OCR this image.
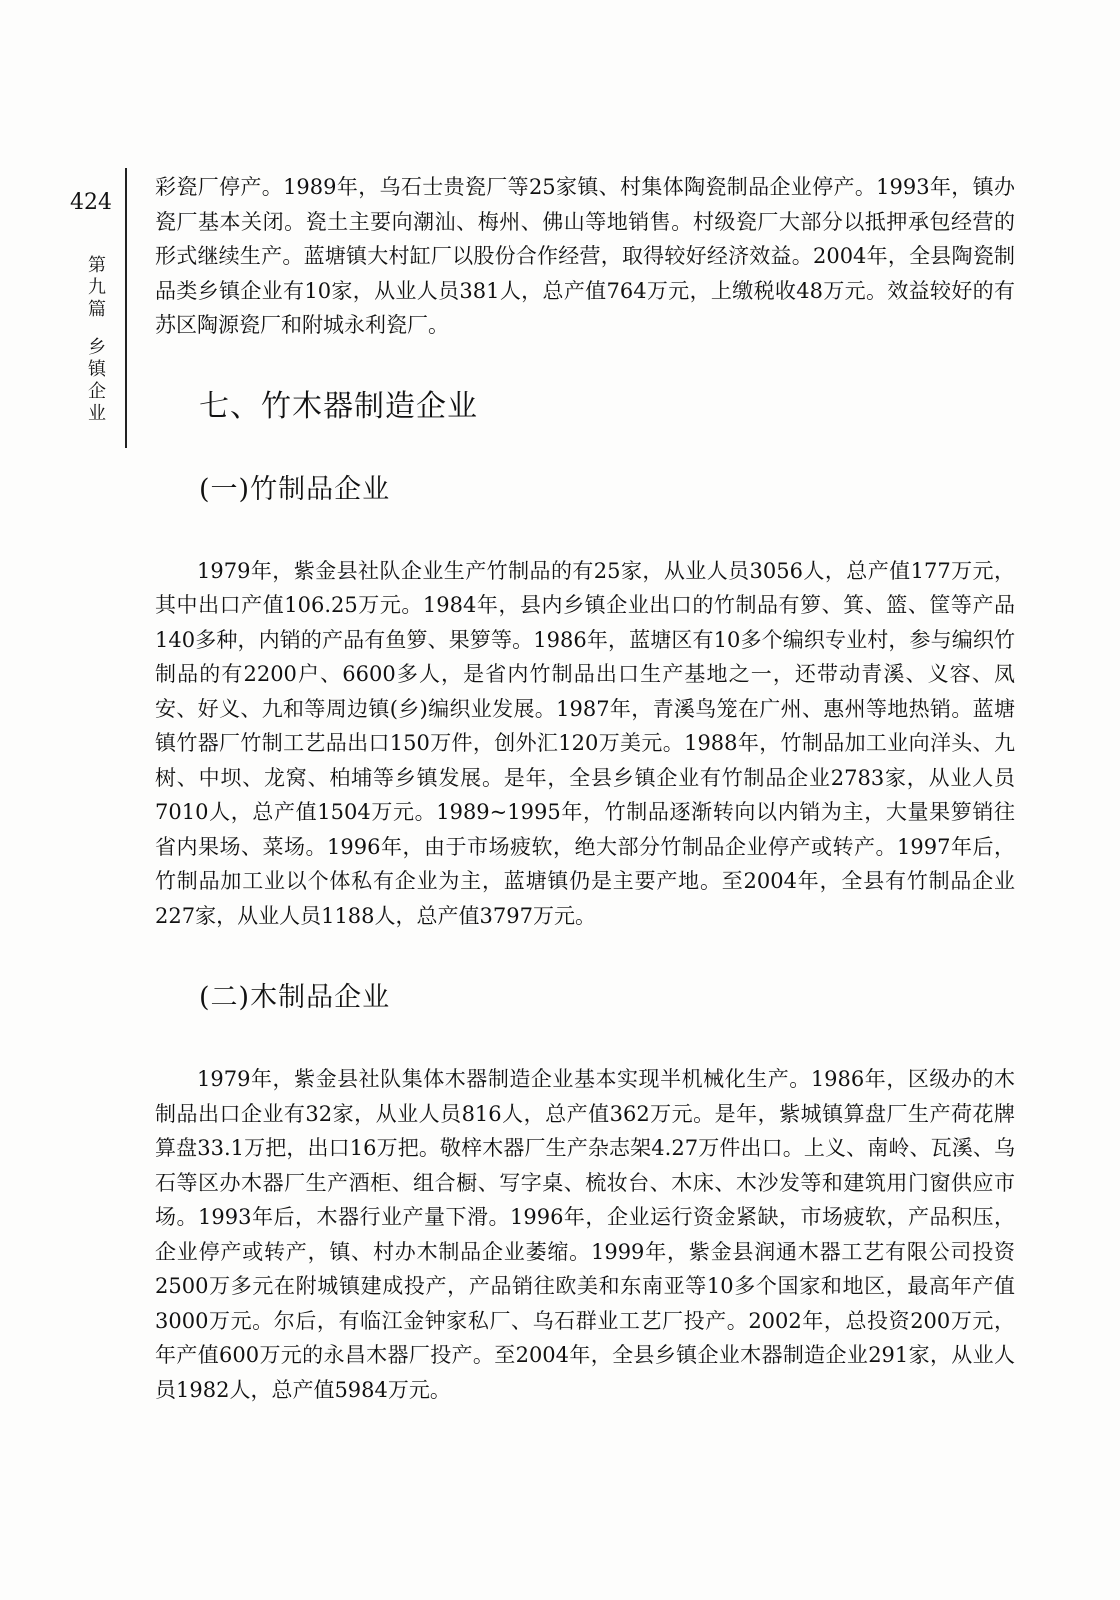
424
第九篇
乡镇企业

彩瓷厂停产。1989年，乌石士贵瓷厂等25家镇、村集体陶瓷制品企业停产。1993年，镇办瓷厂基本关闭。瓷土主要向潮汕、梅州、佛山等地销售。村级瓷厂大部分以抵押承包经营的形式继续生产。蓝塘镇大村缸厂以股份合作经营，取得较好经济效益。2004年，全县陶瓷制品类乡镇企业有10家，从业人员381人，总产值764万元，上缴税收48万元。效益较好的有苏区陶源瓷厂和附城永利瓷厂。

七、竹木器制造企业
(一)竹制品企业

1979年，紫金县社队企业生产竹制品的有25家，从业人员3056人，总产值177万元，其中出口产值106.25万元。1984年，县内乡镇企业出口的竹制品有箩、箕、篮、筐等产品140多种，内销的产品有鱼箩、果箩等。1986年，蓝塘区有10多个编织专业村，参与编织竹制品的有2200户、6600多人，是省内竹制品出口生产基地之一，还带动青溪、义容、凤安、好义、九和等周边镇(乡)编织业发展。1987年，青溪鸟笼在广州、惠州等地热销。蓝塘镇竹器厂竹制工艺品出口150万件，创外汇120万美元。1988年，竹制品加工业向洋头、九树、中坝、龙窝、柏埔等乡镇发展。是年，全县乡镇企业有竹制品企业2783家，从业人员7010人，总产值1504万元。1989~1995年，竹制品逐渐转向以内销为主，大量果箩销往省内果场、菜场。1996年，由于市场疲软，绝大部分竹制品企业停产或转产。1997年后，竹制品加工业以个体私有企业为主，蓝塘镇仍是主要产地。至2004年，全县有竹制品企业227家，从业人员1188人，总产值3797万元。

(二)木制品企业

1979年，紫金县社队集体木器制造企业基本实现半机械化生产。1986年，区级办的木制品出口企业有32家，从业人员816人，总产值362万元。是年，紫城镇算盘厂生产荷花牌算盘33.1万把，出口16万把。敬梓木器厂生产杂志架4.27万件出口。上义、南岭、瓦溪、乌石等区办木器厂生产酒柜、组合橱、写字桌、梳妆台、木床、木沙发等和建筑用门窗供应市场。1993年后，木器行业产量下滑。1996年，企业运行资金紧缺，市场疲软，产品积压，企业停产或转产，镇、村办木制品企业萎缩。1999年，紫金县润通木器工艺有限公司投资2500万多元在附城镇建成投产，产品销往欧美和东南亚等10多个国家和地区，最高年产值3000万元。尔后，有临江金钟家私厂、乌石群业工艺厂投产。2002年，总投资200万元，年产值600万元的永昌木器厂投产。至2004年，全县乡镇企业木器制造企业291家，从业人员1982人，总产值5984万元。
